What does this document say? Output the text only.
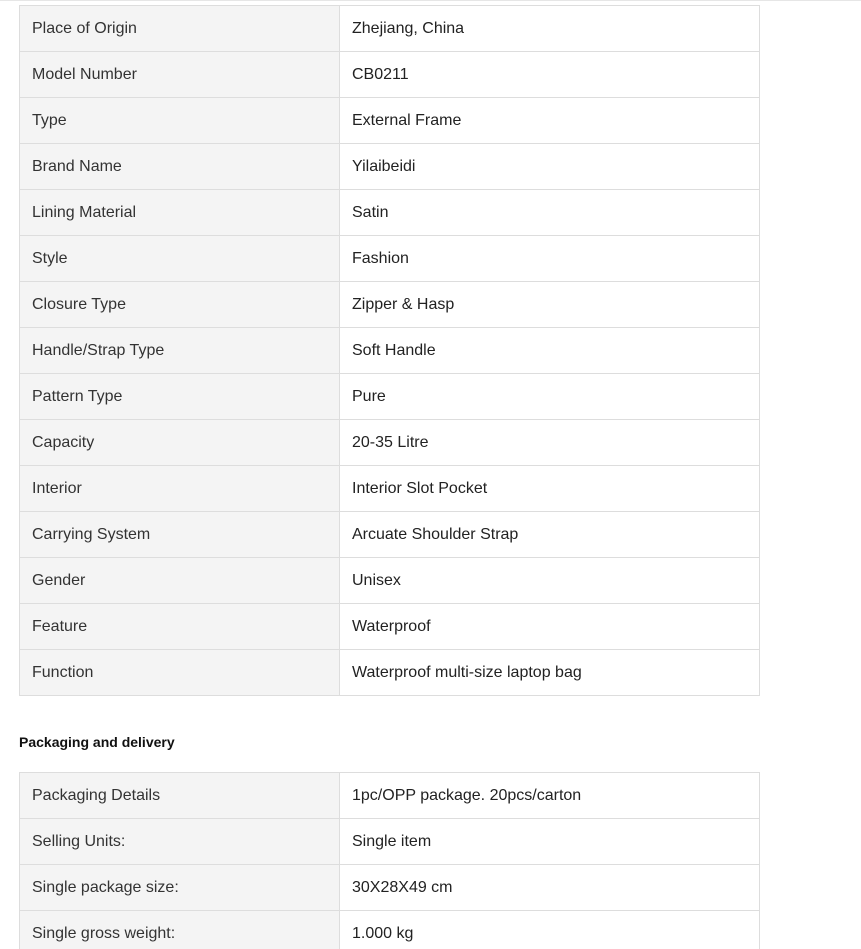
Place of Origin	Zhejiang, China
Model Number	CB0211
Type	External Frame
Brand Name	Yilaibeidi
Lining Material	Satin
Style	Fashion
Closure Type	Zipper & Hasp
Handle/Strap Type	Soft Handle
Pattern Type	Pure
Capacity	20-35 Litre
Interior	Interior Slot Pocket
Carrying System	Arcuate Shoulder Strap
Gender	Unisex
Feature	Waterproof
Function	Waterproof multi-size laptop bag
Packaging and delivery
Packaging Details	1pc/OPP package. 20pcs/carton
Selling Units:	Single item
Single package size:	30X28X49 cm
Single gross weight:	1.000 kg
